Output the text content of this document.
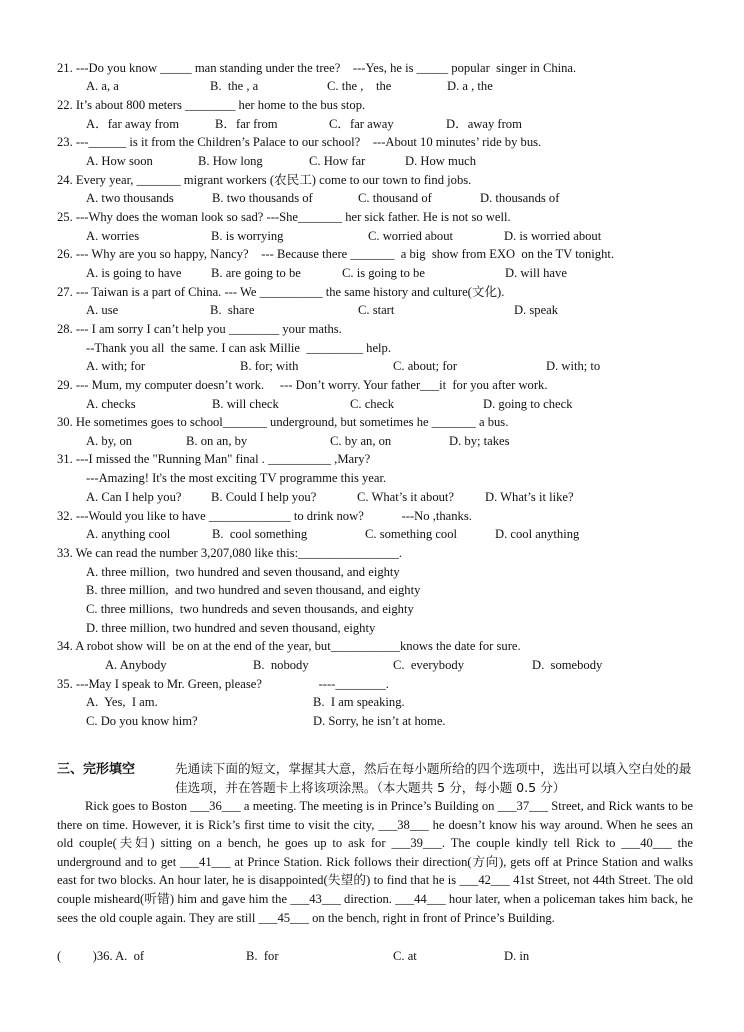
21. ---Do you know _____ man standing under the tree?    ---Yes, he is _____ popular  singer in China.
A. a, a	B.  the , a	C. the ,    the	D. a , the
22. It’s about 800 meters ________ her home to the bus stop.
A．far away from	B．far from	C．far away	D．away from
23. ---______ is it from the Children’s Palace to our school?    ---About 10 minutes’ ride by bus.
A. How soon	B. How long	C. How far	D. How much
24. Every year, _______ migrant workers (农民工) come to our town to find jobs.
A. two thousands	B. two thousands of	C. thousand of	D. thousands of
25. ---Why does the woman look so sad? ---She_______ her sick father. He is not so well.
A. worries	B. is worrying	C. worried about	D. is worried about
26. --- Why are you so happy, Nancy?    --- Because there _______  a big  show from EXO  on the TV tonight.
A. is going to have B. are going to be	C. is going to be	D. will have
27. --- Taiwan is a part of China. --- We __________ the same history and culture(文化).
A. use	B.  share	C. start	D. speak
28. --- I am sorry I can’t help you ________ your maths.
--Thank you all  the same. I can ask Millie  _________ help.
A. with; for	B. for; with	C. about; for	D. with; to
29. --- Mum, my computer doesn’t work.     --- Don’t worry. Your father___it  for you after work.
A. checks	B. will check	C. check	D. going to check
30. He sometimes goes to school_______ underground, but sometimes he _______ a bus.
A. by, on	B. on an, by	C. by an, on	D. by; takes
31. ---I missed the "Running Man" final . __________ ,Mary?
---Amazing! It's the most exciting TV programme this year.
A. Can I help you? B. Could I help you?	C. What’s it about? D. What’s it like?
32. ---Would you like to have _____________ to drink now?            ---No ,thanks.
A. anything cool	B.  cool something	C. something cool	D. cool anything
33. We can read the number 3,207,080 like this:________________.
A. three million,  two hundred and seven thousand, and eighty
B. three million,  and two hundred and seven thousand, and eighty
C. three millions,  two hundreds and seven thousands, and eighty
D. three million, two hundred and seven thousand, eighty
34. A robot show will  be on at the end of the year, but___________knows the date for sure.
A. Anybody	B.  nobody	C.  everybody	D.  somebody
35. ---May I speak to Mr. Green, please?                  ----________.
A.  Yes,  I am.	B.  I am speaking.
C. Do you know him?	D. Sorry, he isn’t at home.
三、完形填空	先通读下面的短文，掌握其大意，然后在每小题所给的四个选项中，选出可以填入空白处的最佳选项，并在答题卡上将该项涂黑。（本大题共 5 分，每小题 0.5 分）
Rick goes to Boston ___36___ a meeting. The meeting is in Prince’s Building on ___37___ Street, and Rick wants to be there on time. However, it is Rick’s first time to visit the city, ___38___ he doesn’t know his way around. When he sees an old couple(夫妇) sitting on a bench, he goes up to ask for ___39___. The couple kindly tell Rick to ___40___ the underground and to get ___41___ at Prince Station. Rick follows their direction(方向), gets off at Prince Station and walks east for two blocks. An hour later, he is disappointed(失望的) to find that he is ___42___ 41st Street, not 44th Street. The old couple misheard(听错) him and gave him the ___43___ direction. ___44___ hour later, when a policeman takes him back, he sees the old couple again. They are still ___45___ on the bench, right in front of Prince’s Building.
(          )36. A.  of	B.  for	C. at	D. in
